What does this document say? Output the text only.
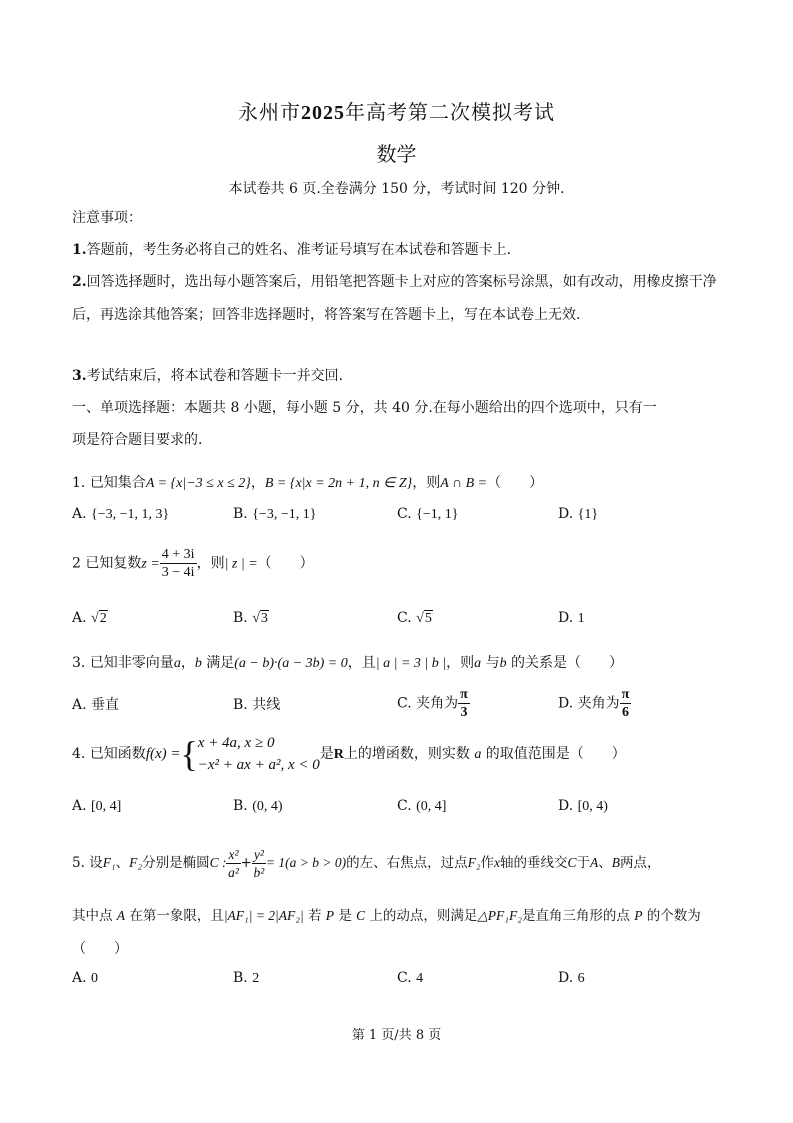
永州市2025年高考第二次模拟考试
数学
本试卷共 6 页.全卷满分 150 分，考试时间 120 分钟.
注意事项：
1.答题前，考生务必将自己的姓名、准考证号填写在本试卷和答题卡上.
2.回答选择题时，选出每小题答案后，用铅笔把答题卡上对应的答案标号涂黑，如有改动，用橡皮擦干净后，再选涂其他答案；回答非选择题时，将答案写在答题卡上，写在本试卷上无效.
3.考试结束后，将本试卷和答题卡一并交回.
一、单项选择题：本题共 8 小题，每小题 5 分，共 40 分.在每小题给出的四个选项中，只有一
项是符合题目要求的.
1. 已知集合A = {x|−3 ≤ x ≤ 2}，B = {x|x = 2n + 1, n ∈ Z}，则A ∩ B =（　　）
A. {−3, −1, 1, 3}	B. {−3, −1, 1}	C. {−1, 1}	D. {1}
2 已知复数$z = \frac{4 + 3i}{3 - 4i}$ ，则| z | =（　　）
A. √2	B. √3	C. √5	D. 1
3. 已知非零向量a，b 满足(a − b)·(a − 3b) = 0，且| a | = 3 | b |，则a 与b 的关系是（　　）
A. 垂直	B. 共线	C. 夹角为 $\frac{\pi}{3}$	D. 夹角为 $\frac{\pi}{6}$
4. 已知函数f(x) ={x + 4a, x ≥ 0
−x² + ax + a², x < 0是R上的增函数，则实数 a 的取值范围是（　　）
A. [0, 4]	B. (0, 4)	C. (0, 4]	D. [0, 4)
5. 设F₁、F₂分别是椭圆C : $\frac{\text{x²}}{\text{a²}} + \frac{\text{y²}}{\text{b²}} = 1(a > b > 0)$的左、右焦点，过点F₂作x轴的垂线交C于A、B两点，
其中点 A 在第一象限，且|AF₁| = 2|AF₂| 若 P 是 C 上的动点，则满足△PF₁F₂是直角三角形的点 P 的个数为
（　　）
A. 0	B. 2	C. 4	D. 6
第 1 页/共 8 页
